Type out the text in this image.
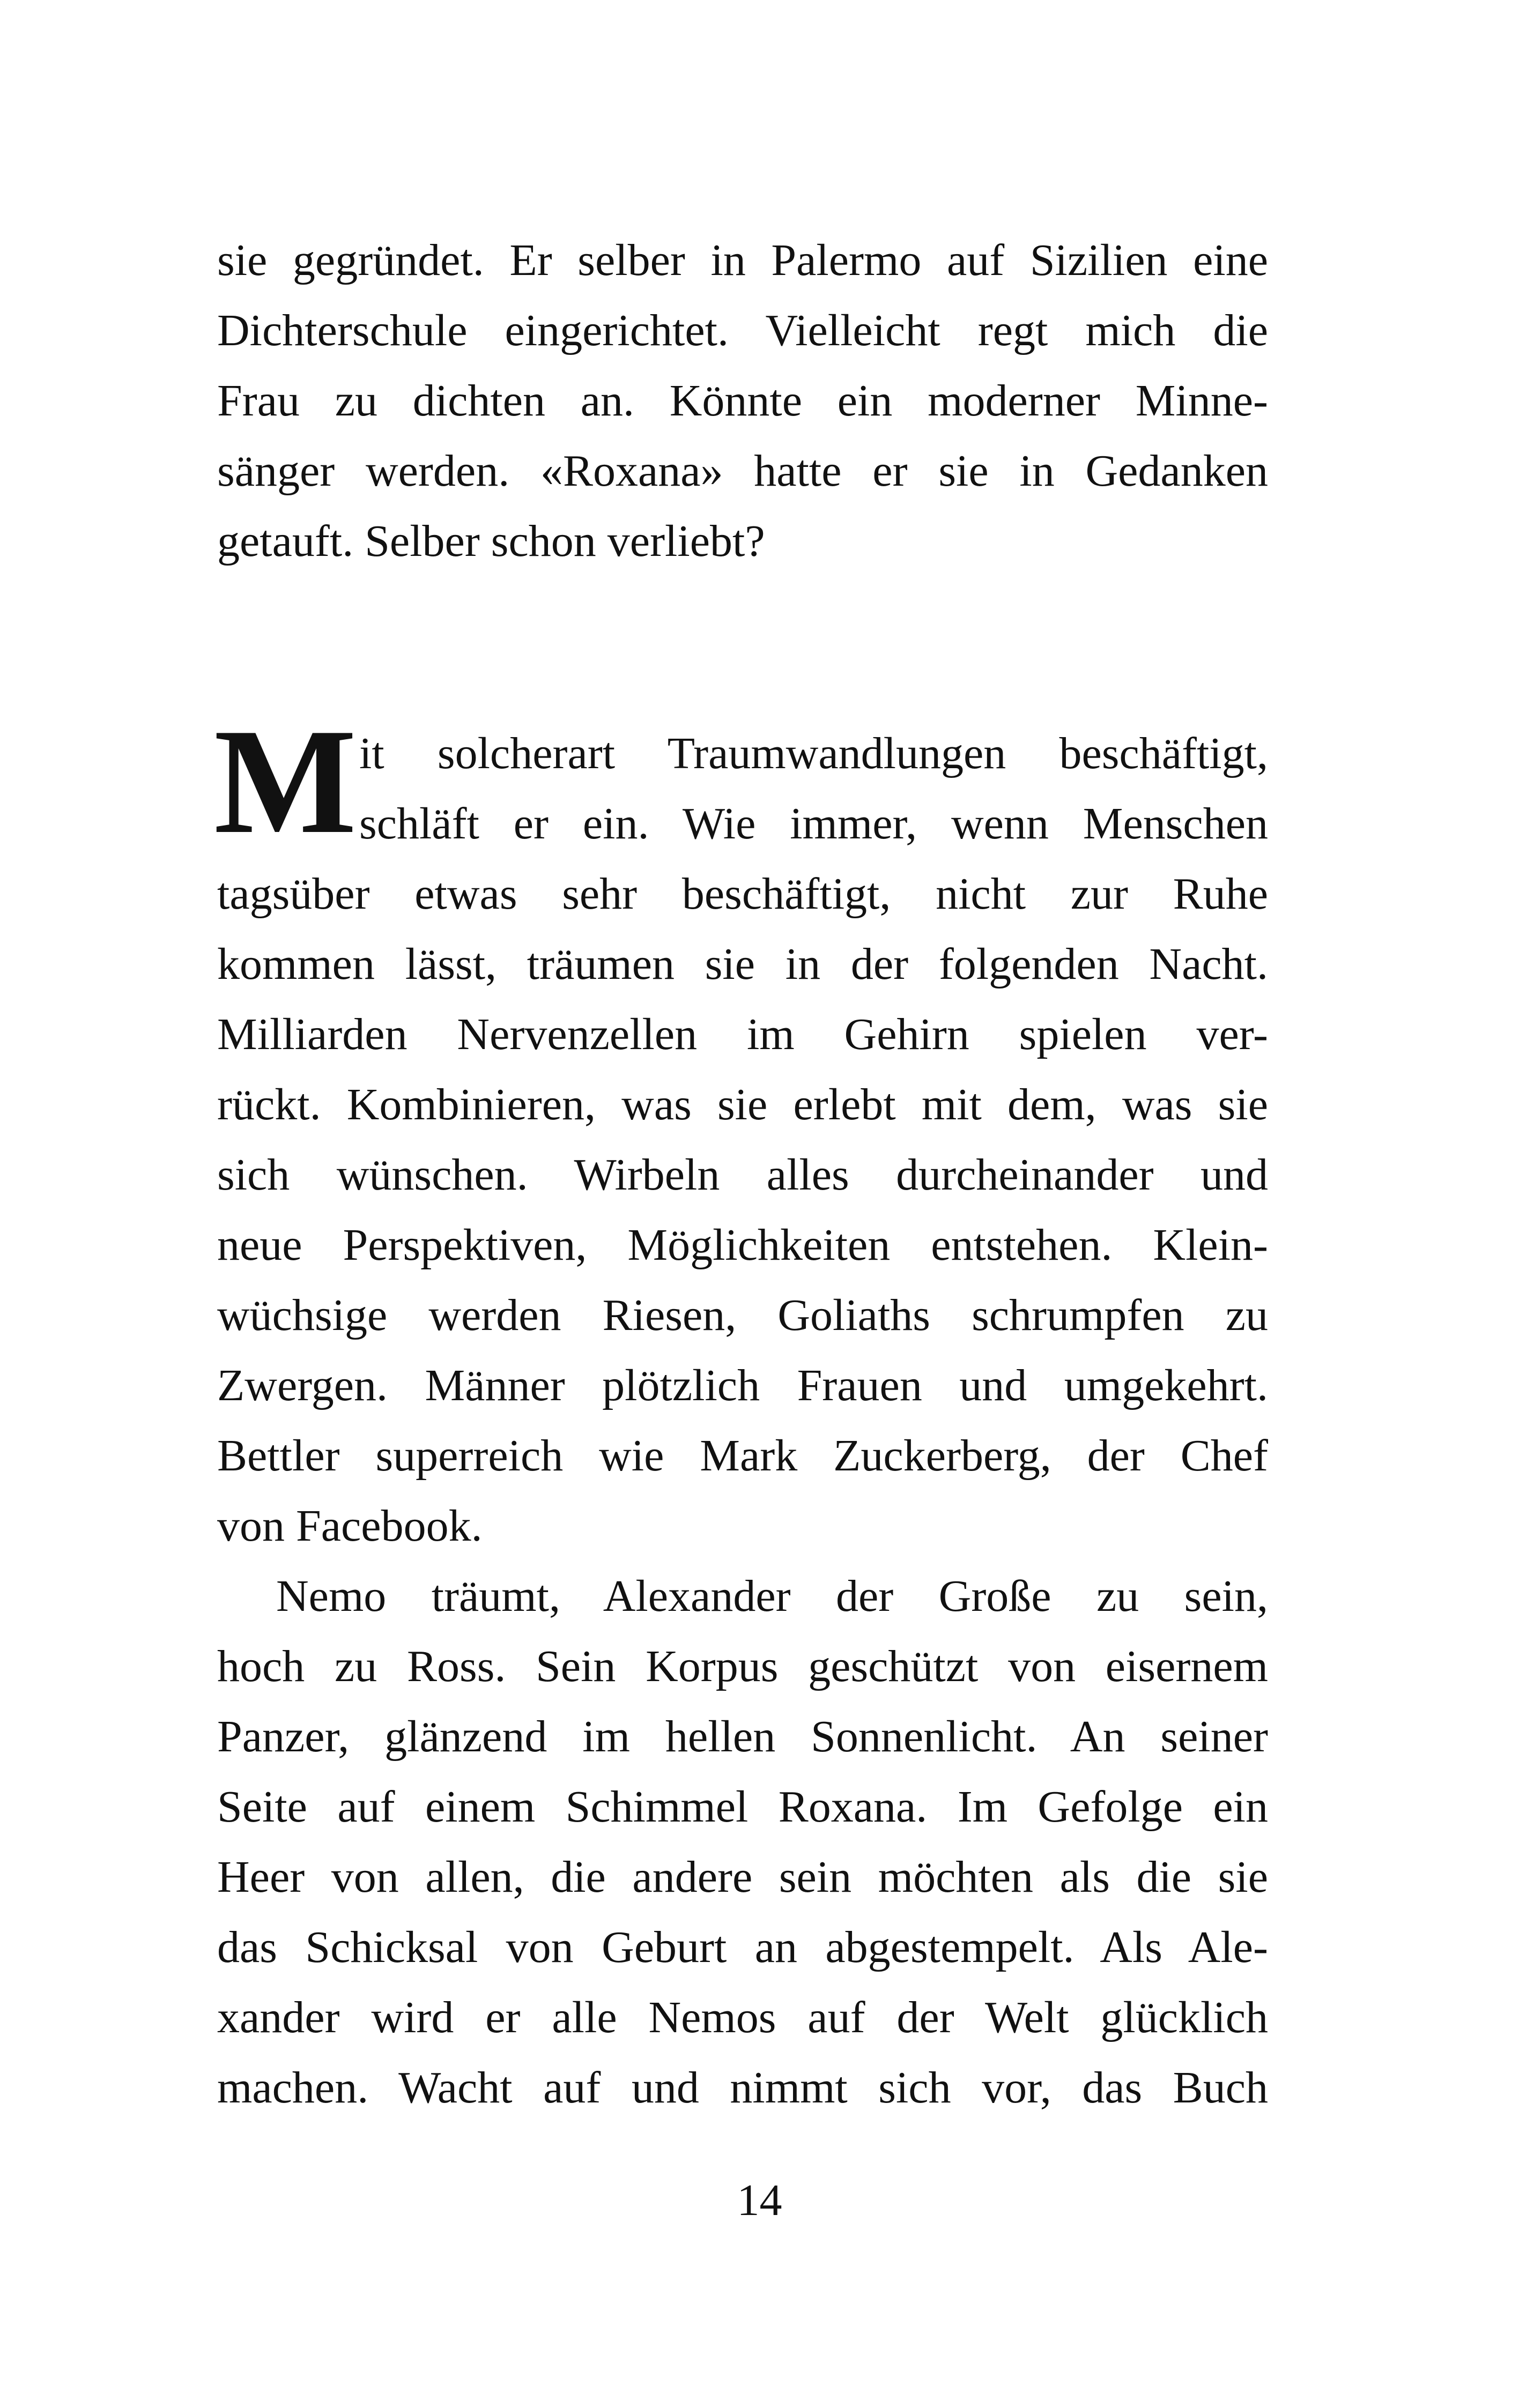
sie gegründet. Er selber in Palermo auf Sizilien eine
Dichterschule eingerichtet. Vielleicht regt mich die
Frau zu dichten an. Könnte ein moderner Minne-
sänger werden. «Roxana» hatte er sie in Gedanken
getauft. Selber schon verliebt?
M it solcherart Traumwandlungen beschäftigt,
schläft er ein. Wie immer, wenn Menschen
tagsüber etwas sehr beschäftigt, nicht zur Ruhe
kommen lässt, träumen sie in der folgenden Nacht.
Milliarden Nervenzellen im Gehirn spielen ver-
rückt. Kombinieren, was sie erlebt mit dem, was sie
sich wünschen. Wirbeln alles durcheinander und
neue Perspektiven, Möglichkeiten entstehen. Klein-
wüchsige werden Riesen, Goliaths schrumpfen zu
Zwergen. Männer plötzlich Frauen und umgekehrt.
Bettler superreich wie Mark Zuckerberg, der Chef
von Facebook.
Nemo träumt, Alexander der Große zu sein,
hoch zu Ross. Sein Korpus geschützt von eisernem
Panzer, glänzend im hellen Sonnenlicht. An seiner
Seite auf einem Schimmel Roxana. Im Gefolge ein
Heer von allen, die andere sein möchten als die sie
das Schicksal von Geburt an abgestempelt. Als Ale-
xander wird er alle Nemos auf der Welt glücklich
machen. Wacht auf und nimmt sich vor, das Buch
14
